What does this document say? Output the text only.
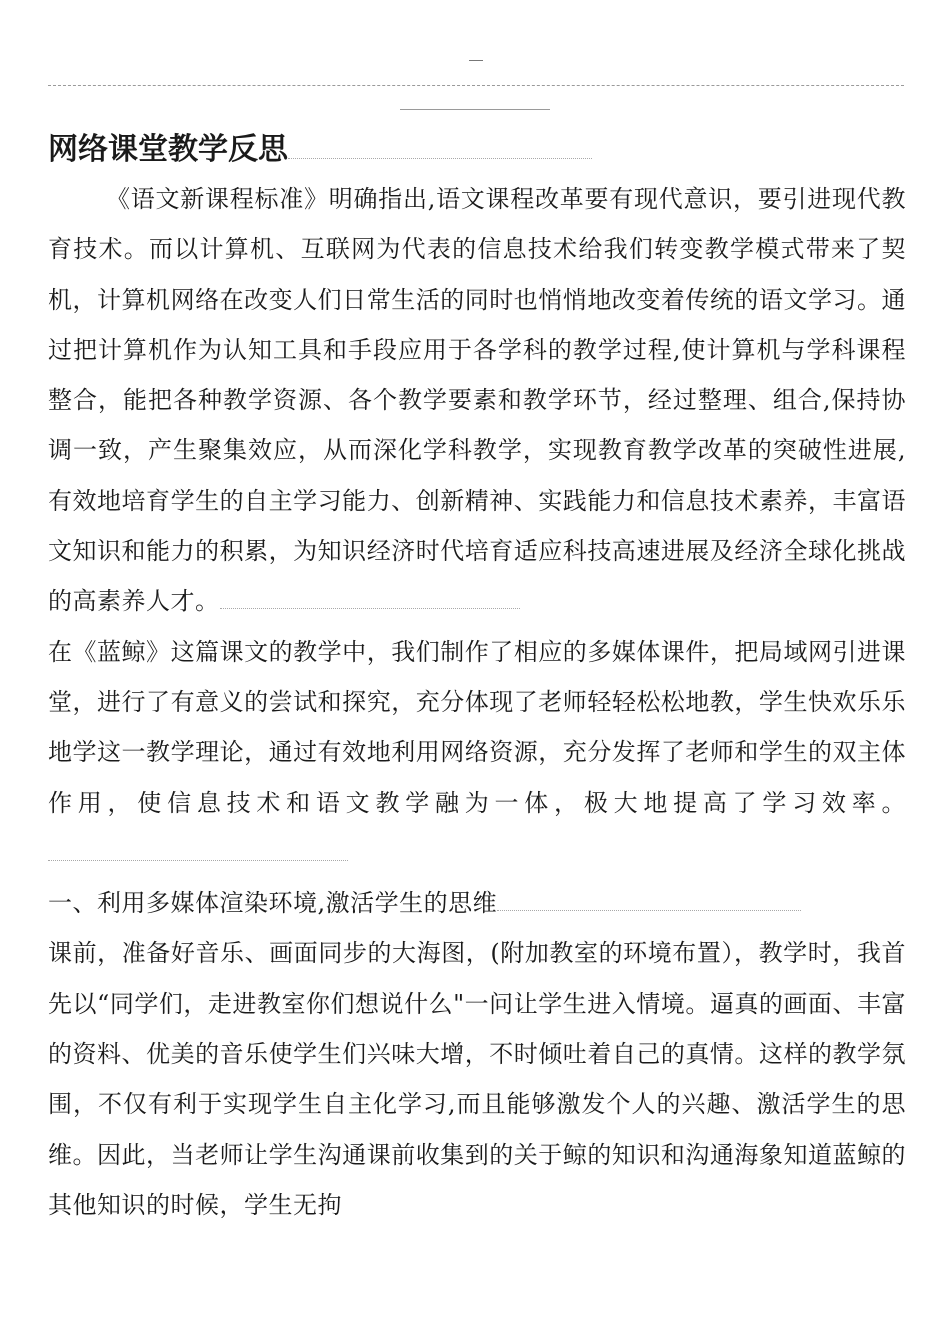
网络课堂教学反思

《语文新课程标准》明确指出,语文课程改革要有现代意识，要引进现代教育技术。而以计算机、互联网为代表的信息技术给我们转变教学模式带来了契机，计算机网络在改变人们日常生活的同时也悄悄地改变着传统的语文学习。通过把计算机作为认知工具和手段应用于各学科的教学过程,使计算机与学科课程整合，能把各种教学资源、各个教学要素和教学环节，经过整理、组合,保持协调一致，产生聚集效应，从而深化学科教学，实现教育教学改革的突破性进展,有效地培育学生的自主学习能力、创新精神、实践能力和信息技术素养，丰富语文知识和能力的积累，为知识经济时代培育适应科技高速进展及经济全球化挑战的高素养人才。

在《蓝鲸》这篇课文的教学中，我们制作了相应的多媒体课件，把局域网引进课堂，进行了有意义的尝试和探究，充分体现了老师轻轻松松地教，学生快欢乐乐地学这一教学理论，通过有效地利用网络资源，充分发挥了老师和学生的双主体作用，使信息技术和语文教学融为一体，极大地提高了学习效率。

一、利用多媒体渲染环境,激活学生的思维

课前，准备好音乐、画面同步的大海图，(附加教室的环境布置），教学时，我首先以“同学们，走进教室你们想说什么"一问让学生进入情境。逼真的画面、丰富的资料、优美的音乐使学生们兴味大增，不时倾吐着自己的真情。这样的教学氛围，不仅有利于实现学生自主化学习,而且能够激发个人的兴趣、激活学生的思维。因此，当老师让学生沟通课前收集到的关于鲸的知识和沟通海象知道蓝鲸的其他知识的时候，学生无拘
